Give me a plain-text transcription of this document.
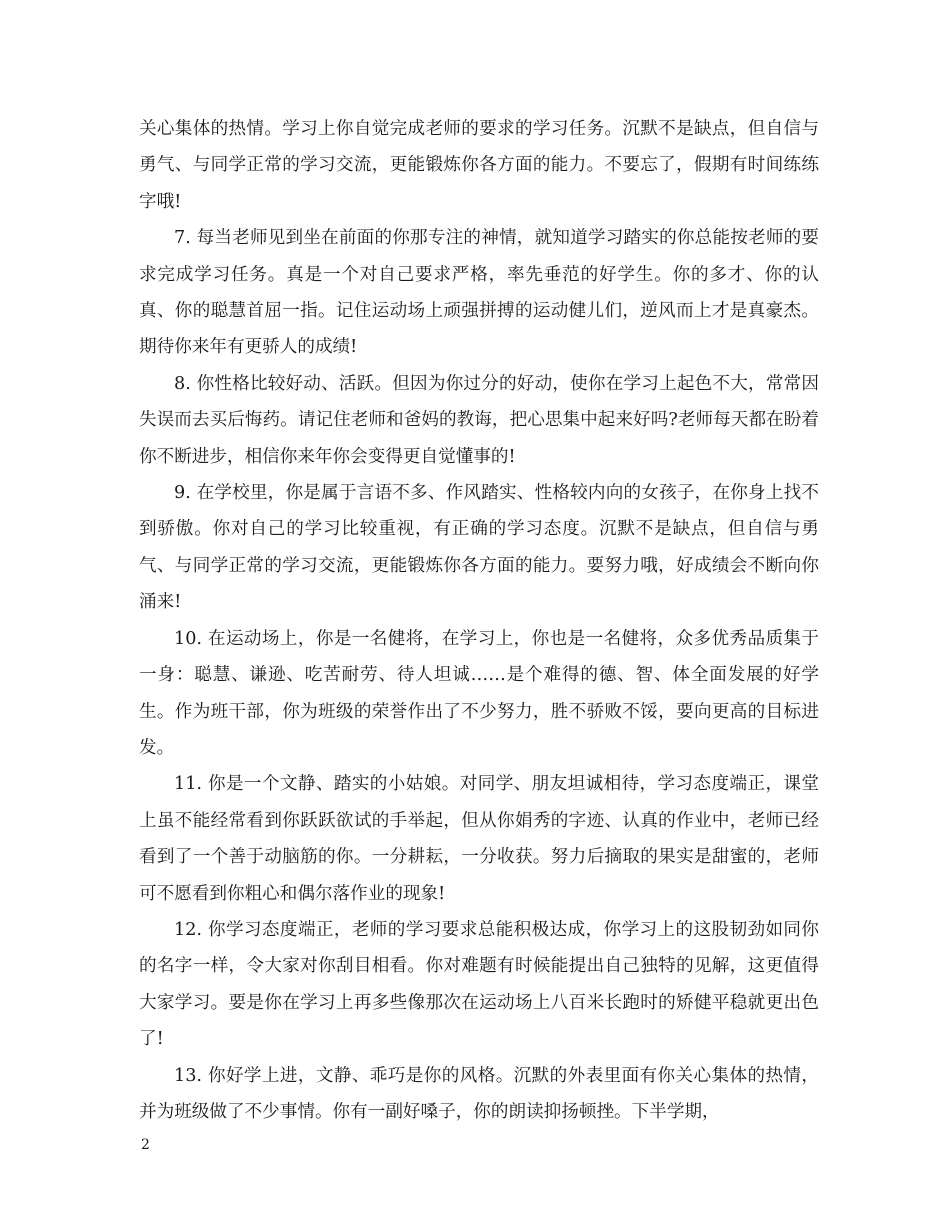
关心集体的热情。学习上你自觉完成老师的要求的学习任务。沉默不是缺点，但自信与勇气、与同学正常的学习交流，更能锻炼你各方面的能力。不要忘了，假期有时间练练字哦!

7. 每当老师见到坐在前面的你那专注的神情，就知道学习踏实的你总能按老师的要求完成学习任务。真是一个对自己要求严格，率先垂范的好学生。你的多才、你的认真、你的聪慧首屈一指。记住运动场上顽强拼搏的运动健儿们，逆风而上才是真豪杰。期待你来年有更骄人的成绩!

8. 你性格比较好动、活跃。但因为你过分的好动，使你在学习上起色不大，常常因失误而去买后悔药。请记住老师和爸妈的教诲，把心思集中起来好吗?老师每天都在盼着你不断进步，相信你来年你会变得更自觉懂事的!

9. 在学校里，你是属于言语不多、作风踏实、性格较内向的女孩子，在你身上找不到骄傲。你对自己的学习比较重视，有正确的学习态度。沉默不是缺点，但自信与勇气、与同学正常的学习交流，更能锻炼你各方面的能力。要努力哦，好成绩会不断向你涌来!

10. 在运动场上，你是一名健将，在学习上，你也是一名健将，众多优秀品质集于一身：聪慧、谦逊、吃苦耐劳、待人坦诚……是个难得的德、智、体全面发展的好学生。作为班干部，你为班级的荣誉作出了不少努力，胜不骄败不馁，要向更高的目标进发。

11. 你是一个文静、踏实的小姑娘。对同学、朋友坦诚相待，学习态度端正，课堂上虽不能经常看到你跃跃欲试的手举起，但从你娟秀的字迹、认真的作业中，老师已经看到了一个善于动脑筋的你。一分耕耘，一分收获。努力后摘取的果实是甜蜜的，老师可不愿看到你粗心和偶尔落作业的现象!

12. 你学习态度端正，老师的学习要求总能积极达成，你学习上的这股韧劲如同你的名字一样，令大家对你刮目相看。你对难题有时候能提出自己独特的见解，这更值得大家学习。要是你在学习上再多些像那次在运动场上八百米长跑时的矫健平稳就更出色了!

13. 你好学上进，文静、乖巧是你的风格。沉默的外表里面有你关心集体的热情，并为班级做了不少事情。你有一副好嗓子，你的朗读抑扬顿挫。下半学期，

2
